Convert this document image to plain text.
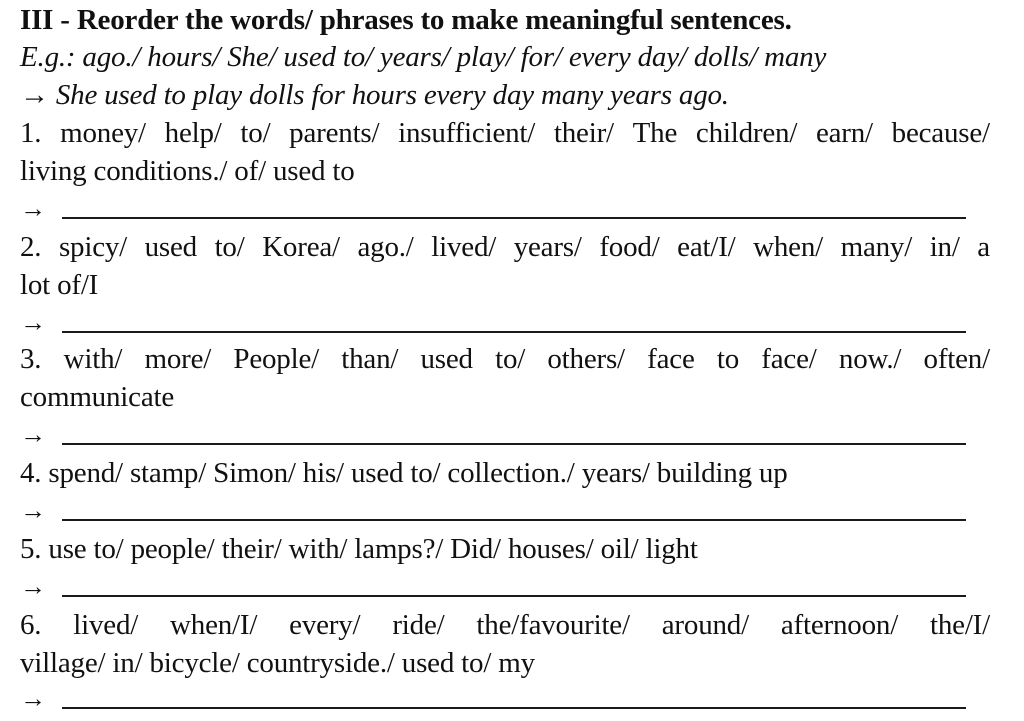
III - Reorder the words/ phrases to make meaningful sentences.
E.g.: ago./ hours/ She/ used to/ years/ play/ for/ every day/ dolls/ many
→ She used to play dolls for hours every day many years ago.
1. money/ help/ to/ parents/ insufficient/ their/ The children/ earn/ because/
living conditions./ of/ used to
→
2. spicy/ used to/ Korea/ ago./ lived/ years/ food/ eat/I/ when/ many/ in/ a
lot of/I
→
3. with/ more/ People/ than/ used to/ others/ face to face/ now./ often/
communicate
→
4. spend/ stamp/ Simon/ his/ used to/ collection./ years/ building up
→
5. use to/ people/ their/ with/ lamps?/ Did/ houses/ oil/ light
→
6. lived/ when/I/ every/ ride/ the/favourite/ around/ afternoon/ the/I/
village/ in/ bicycle/ countryside./ used to/ my
→
